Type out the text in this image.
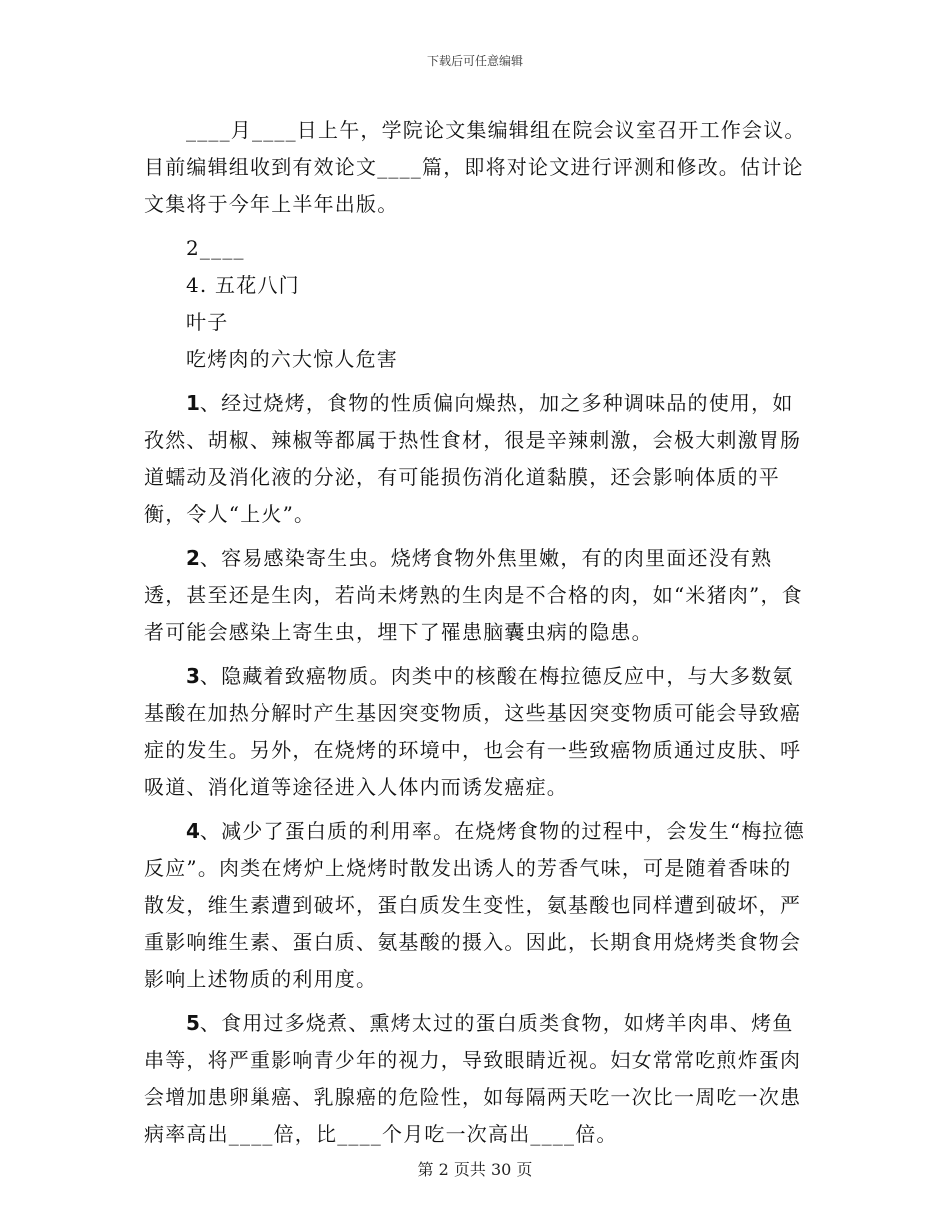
下载后可任意编辑

____月____日上午，学院论文集编辑组在院会议室召开工作会议。目前编辑组收到有效论文____篇，即将对论文进行评测和修改。估计论文集将于今年上半年出版。

2____

4. 五花八门

叶子

吃烤肉的六大惊人危害

1、经过烧烤，食物的性质偏向燥热，加之多种调味品的使用，如孜然、胡椒、辣椒等都属于热性食材，很是辛辣刺激，会极大刺激胃肠道蠕动及消化液的分泌，有可能损伤消化道黏膜，还会影响体质的平衡，令人“上火”。

2、容易感染寄生虫。烧烤食物外焦里嫩，有的肉里面还没有熟透，甚至还是生肉，若尚未烤熟的生肉是不合格的肉，如“米猪肉”，食者可能会感染上寄生虫，埋下了罹患脑囊虫病的隐患。

3、隐藏着致癌物质。肉类中的核酸在梅拉德反应中，与大多数氨基酸在加热分解时产生基因突变物质，这些基因突变物质可能会导致癌症的发生。另外，在烧烤的环境中，也会有一些致癌物质通过皮肤、呼吸道、消化道等途径进入人体内而诱发癌症。

4、减少了蛋白质的利用率。在烧烤食物的过程中，会发生“梅拉德反应”。肉类在烤炉上烧烤时散发出诱人的芳香气味，可是随着香味的散发，维生素遭到破坏，蛋白质发生变性，氨基酸也同样遭到破坏，严重影响维生素、蛋白质、氨基酸的摄入。因此，长期食用烧烤类食物会影响上述物质的利用度。

5、食用过多烧煮、熏烤太过的蛋白质类食物，如烤羊肉串、烤鱼串等，将严重影响青少年的视力，导致眼睛近视。妇女常常吃煎炸蛋肉会增加患卵巢癌、乳腺癌的危险性，如每隔两天吃一次比一周吃一次患病率高出____倍，比____个月吃一次高出____倍。

第 2 页共 30 页
